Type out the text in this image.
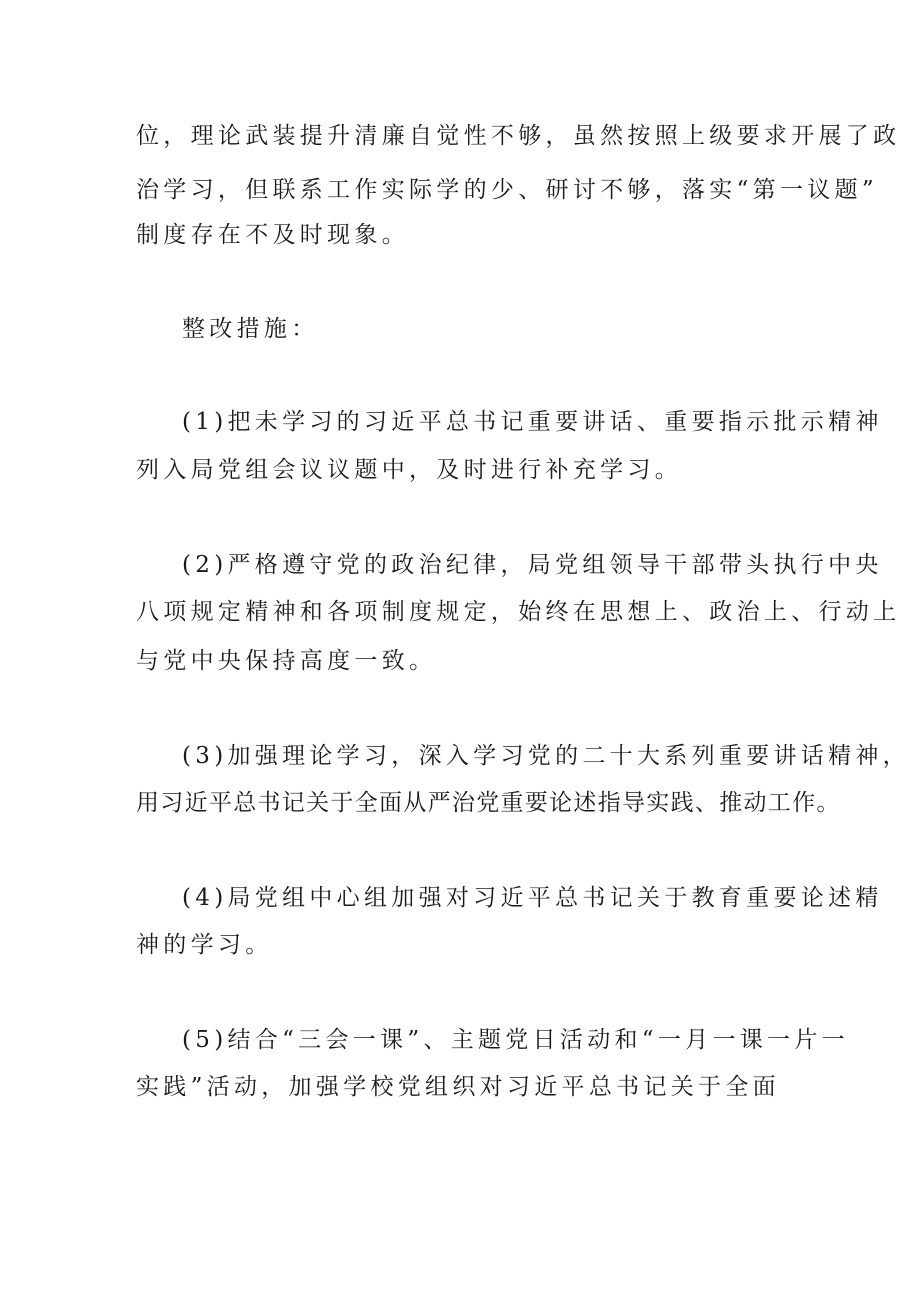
位，理论武装提升清廉自觉性不够，虽然按照上级要求开展了政
治学习，但联系工作实际学的少、研讨不够，落实“第一议题”
制度存在不及时现象。
整改措施：
(1)把未学习的习近平总书记重要讲话、重要指示批示精神
列入局党组会议议题中，及时进行补充学习。
(2)严格遵守党的政治纪律，局党组领导干部带头执行中央
八项规定精神和各项制度规定，始终在思想上、政治上、行动上
与党中央保持高度一致。
(3)加强理论学习，深入学习党的二十大系列重要讲话精神，
用习近平总书记关于全面从严治党重要论述指导实践、推动工作。
(4)局党组中心组加强对习近平总书记关于教育重要论述精
神的学习。
(5)结合“三会一课”、主题党日活动和“一月一课一片一
实践”活动，加强学校党组织对习近平总书记关于全面
